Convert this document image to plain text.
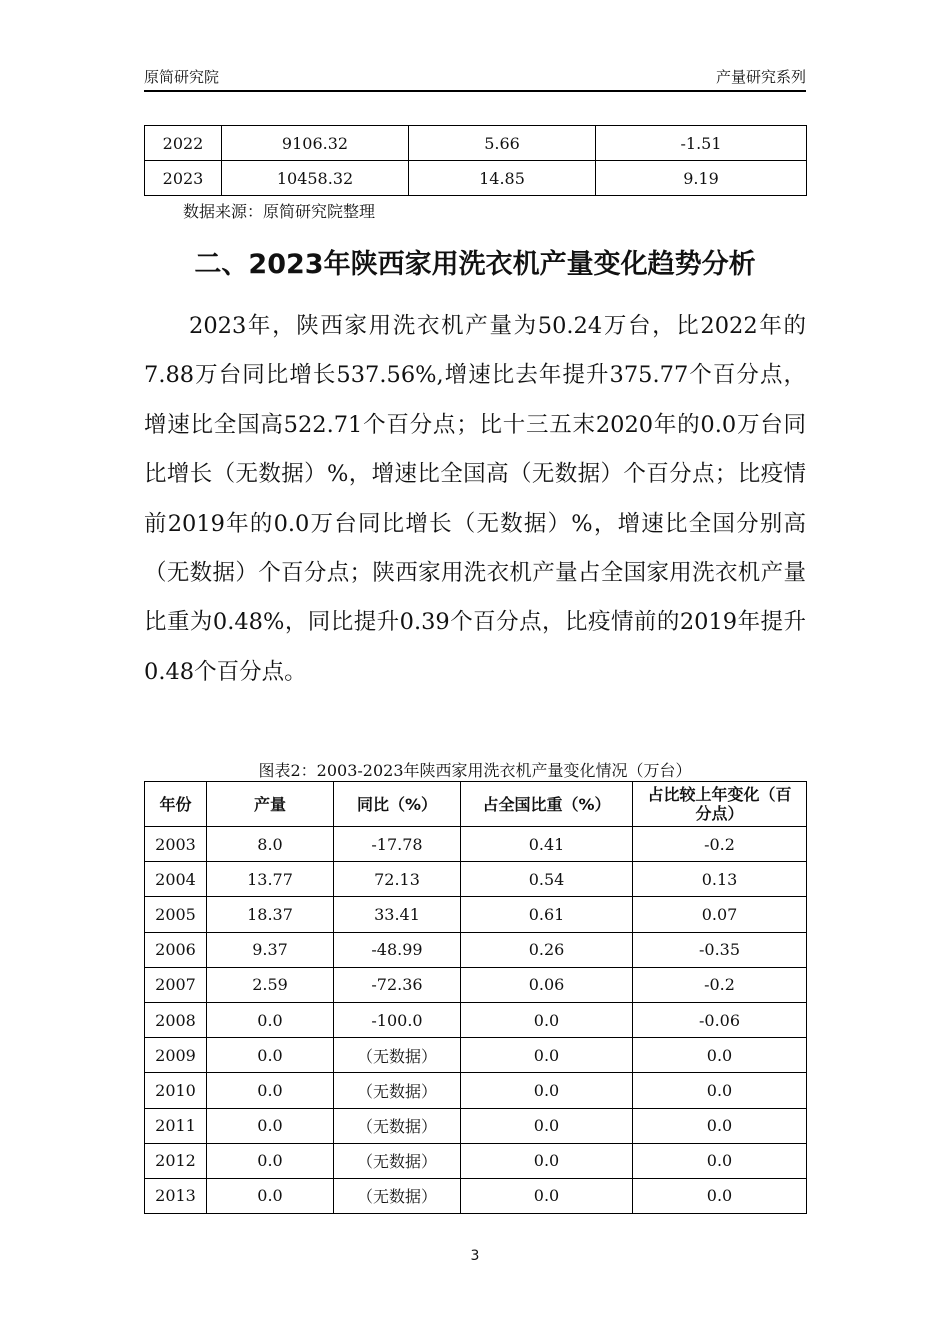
原简研究院	产量研究系列
2022	9106.32	5.66	-1.51
2023	10458.32	14.85	9.19
数据来源：原简研究院整理
二、2023年陕西家用洗衣机产量变化趋势分析

2023年，陕西家用洗衣机产量为50.24万台，比2022年的7.88万台同比增长537.56%,增速比去年提升375.77个百分点，增速比全国高522.71个百分点；比十三五末2020年的0.0万台同比增长（无数据）%，增速比全国高（无数据）个百分点；比疫情前2019年的0.0万台同比增长（无数据）%，增速比全国分别高（无数据）个百分点；陕西家用洗衣机产量占全国家用洗衣机产量比重为0.48%，同比提升0.39个百分点，比疫情前的2019年提升0.48个百分点。

图表2：2003-2023年陕西家用洗衣机产量变化情况（万台）
年份	产量	同比（%）	占全国比重（%）	占比较上年变化（百分点）
2003	8.0	-17.78	0.41	-0.2
2004	13.77	72.13	0.54	0.13
2005	18.37	33.41	0.61	0.07
2006	9.37	-48.99	0.26	-0.35
2007	2.59	-72.36	0.06	-0.2
2008	0.0	-100.0	0.0	-0.06
2009	0.0	（无数据）	0.0	0.0
2010	0.0	（无数据）	0.0	0.0
2011	0.0	（无数据）	0.0	0.0
2012	0.0	（无数据）	0.0	0.0
2013	0.0	（无数据）	0.0	0.0
3
